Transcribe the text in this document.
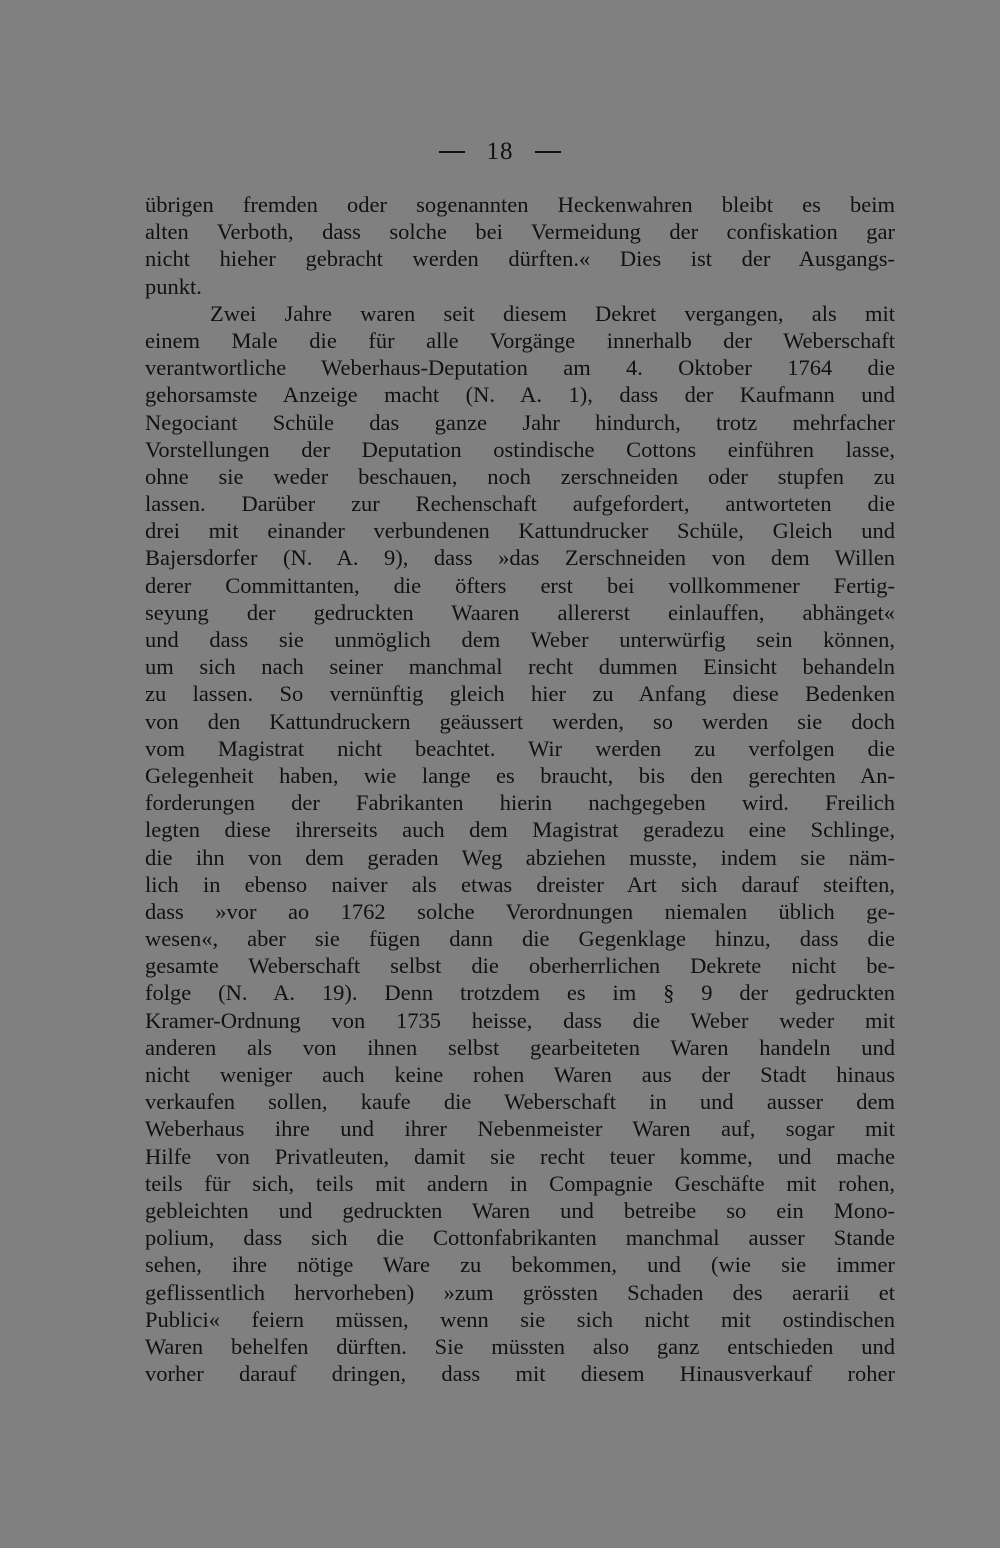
18
übrigen fremden oder sogenannten Heckenwahren bleibt es beim
alten Verboth, dass solche bei Vermeidung der confiskation gar
nicht hieher gebracht werden dürften.« Dies ist der Ausgangs-
punkt.
Zwei Jahre waren seit diesem Dekret vergangen, als mit
einem Male die für alle Vorgänge innerhalb der Weberschaft
verantwortliche Weberhaus-Deputation am 4. Oktober 1764 die
gehorsamste Anzeige macht (N. A. 1), dass der Kaufmann und
Negociant Schüle das ganze Jahr hindurch, trotz mehrfacher
Vorstellungen der Deputation ostindische Cottons einführen lasse,
ohne sie weder beschauen, noch zerschneiden oder stupfen zu
lassen. Darüber zur Rechenschaft aufgefordert, antworteten die
drei mit einander verbundenen Kattundrucker Schüle, Gleich und
Bajersdorfer (N. A. 9), dass »das Zerschneiden von dem Willen
derer Committanten, die öfters erst bei vollkommener Fertig-
seyung der gedruckten Waaren allererst einlauffen, abhänget«
und dass sie unmöglich dem Weber unterwürfig sein können,
um sich nach seiner manchmal recht dummen Einsicht behandeln
zu lassen. So vernünftig gleich hier zu Anfang diese Bedenken
von den Kattundruckern geäussert werden, so werden sie doch
vom Magistrat nicht beachtet. Wir werden zu verfolgen die
Gelegenheit haben, wie lange es braucht, bis den gerechten An-
forderungen der Fabrikanten hierin nachgegeben wird. Freilich
legten diese ihrerseits auch dem Magistrat geradezu eine Schlinge,
die ihn von dem geraden Weg abziehen musste, indem sie näm-
lich in ebenso naiver als etwas dreister Art sich darauf steiften,
dass »vor ao 1762 solche Verordnungen niemalen üblich ge-
wesen«, aber sie fügen dann die Gegenklage hinzu, dass die
gesamte Weberschaft selbst die oberherrlichen Dekrete nicht be-
folge (N. A. 19). Denn trotzdem es im § 9 der gedruckten
Kramer-Ordnung von 1735 heisse, dass die Weber weder mit
anderen als von ihnen selbst gearbeiteten Waren handeln und
nicht weniger auch keine rohen Waren aus der Stadt hinaus
verkaufen sollen, kaufe die Weberschaft in und ausser dem
Weberhaus ihre und ihrer Nebenmeister Waren auf, sogar mit
Hilfe von Privatleuten, damit sie recht teuer komme, und mache
teils für sich, teils mit andern in Compagnie Geschäfte mit rohen,
gebleichten und gedruckten Waren und betreibe so ein Mono-
polium, dass sich die Cottonfabrikanten manchmal ausser Stande
sehen, ihre nötige Ware zu bekommen, und (wie sie immer
geflissentlich hervorheben) »zum grössten Schaden des aerarii et
Publici« feiern müssen, wenn sie sich nicht mit ostindischen
Waren behelfen dürften. Sie müssten also ganz entschieden und
vorher darauf dringen, dass mit diesem Hinausverkauf roher
